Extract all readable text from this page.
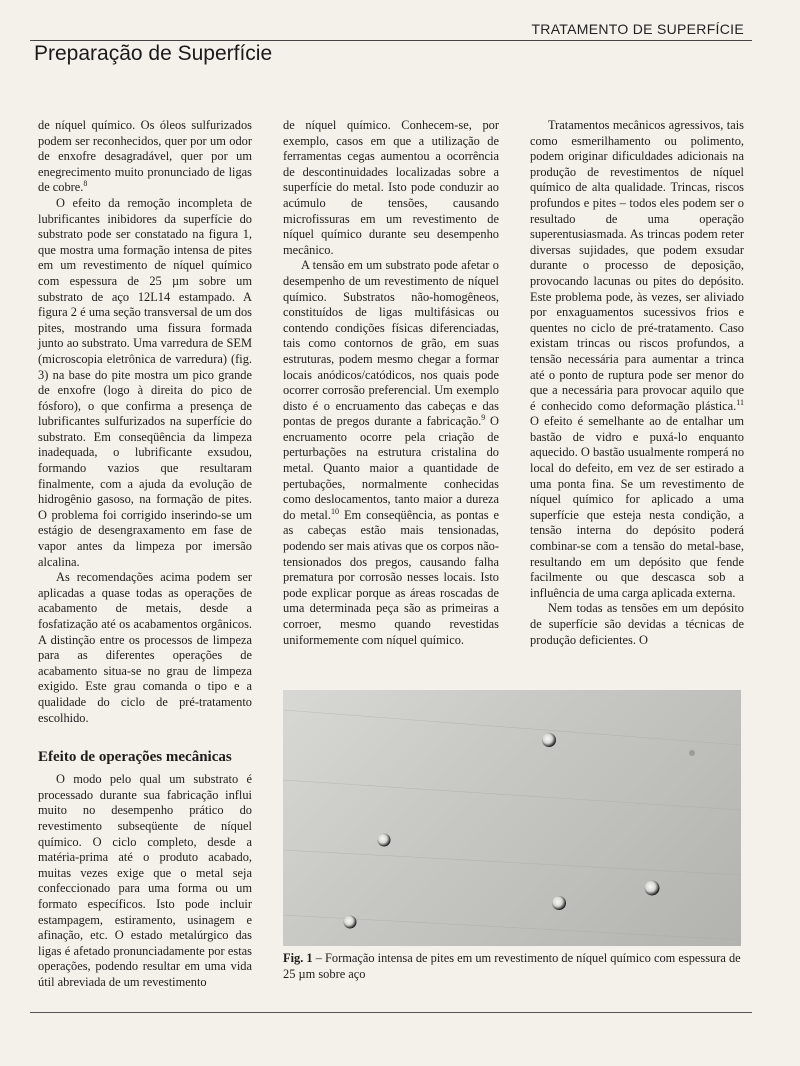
TRATAMENTO DE SUPERFÍCIE
Preparação de Superfície

de níquel químico. Os óleos sulfurizados podem ser reconhecidos, quer por um odor de enxofre desagradável, quer por um enegrecimento muito pronunciado de ligas de cobre.$^8$

O efeito da remoção incompleta de lubrificantes inibidores da superfície do substrato pode ser constatado na figura 1, que mostra uma formação intensa de pites em um revestimento de níquel químico com espessura de 25 µm sobre um substrato de aço 12L14 estampado. A figura 2 é uma seção transversal de um dos pites, mostrando uma fissura formada junto ao substrato. Uma varredura de SEM (microscopia eletrônica de varredura) (fig. 3) na base do pite mostra um pico grande de enxofre (logo à direita do pico de fósforo), o que confirma a presença de lubrificantes sulfurizados na superfície do substrato. Em conseqüência da limpeza inadequada, o lubrificante exsudou, formando vazios que resultaram finalmente, com a ajuda da evolução de hidrogênio gasoso, na formação de pites. O problema foi corrigido inserindo-se um estágio de desengraxamento em fase de vapor antes da limpeza por imersão alcalina.

As recomendações acima podem ser aplicadas a quase todas as operações de acabamento de metais, desde a fosfatização até os acabamentos orgânicos. A distinção entre os processos de limpeza para as diferentes operações de acabamento situa-se no grau de limpeza exigido. Este grau comanda o tipo e a qualidade do ciclo de pré-tratamento escolhido.

Efeito de operações mecânicas

O modo pelo qual um substrato é processado durante sua fabricação influi muito no desempenho prático do revestimento subseqüente de níquel químico. O ciclo completo, desde a matéria-prima até o produto acabado, muitas vezes exige que o metal seja confeccionado para uma forma ou um formato específicos. Isto pode incluir estampagem, estiramento, usinagem e afinação, etc. O estado metalúrgico das ligas é afetado pronunciadamente por estas operações, podendo resultar em uma vida útil abreviada de um revestimento

de níquel químico. Conhecem-se, por exemplo, casos em que a utilização de ferramentas cegas aumentou a ocorrência de descontinuidades localizadas sobre a superfície do metal. Isto pode conduzir ao acúmulo de tensões, causando microfissuras em um revestimento de níquel químico durante seu desempenho mecânico.

A tensão em um substrato pode afetar o desempenho de um revestimento de níquel químico. Substratos não-homogêneos, constituídos de ligas multifásicas ou contendo condições físicas diferenciadas, tais como contornos de grão, em suas estruturas, podem mesmo chegar a formar locais anódicos/catódicos, nos quais pode ocorrer corrosão preferencial. Um exemplo disto é o encruamento das cabeças e das pontas de pregos durante a fabricação.$^9$ O encruamento ocorre pela criação de perturbações na estrutura cristalina do metal. Quanto maior a quantidade de pertubações, normalmente conhecidas como deslocamentos, tanto maior a dureza do metal.$^{10}$ Em conseqüência, as pontas e as cabeças estão mais tensionadas, podendo ser mais ativas que os corpos não-tensionados dos pregos, causando falha prematura por corrosão nesses locais. Isto pode explicar porque as áreas roscadas de uma determinada peça são as primeiras a corroer, mesmo quando revestidas uniformemente com níquel químico.

Tratamentos mecânicos agressivos, tais como esmerilhamento ou polimento, podem originar dificuldades adicionais na produção de revestimentos de níquel químico de alta qualidade. Trincas, riscos profundos e pites – todos eles podem ser o resultado de uma operação superentusiasmada. As trincas podem reter diversas sujidades, que podem exsudar durante o processo de deposição, provocando lacunas ou pites do depósito. Este problema pode, às vezes, ser aliviado por enxaguamentos sucessivos frios e quentes no ciclo de pré-tratamento. Caso existam trincas ou riscos profundos, a tensão necessária para aumentar a trinca até o ponto de ruptura pode ser menor do que a necessária para provocar aquilo que é conhecido como deformação plástica.$^{11}$ O efeito é semelhante ao de entalhar um bastão de vidro e puxá-lo enquanto aquecido. O bastão usualmente romperá no local do defeito, em vez de ser estirado a uma ponta fina. Se um revestimento de níquel químico for aplicado a uma superfície que esteja nesta condição, a tensão interna do depósito poderá combinar-se com a tensão do metal-base, resultando em um depósito que fende facilmente ou que descasca sob a influência de uma carga aplicada externa.

Nem todas as tensões em um depósito de superfície são devidas a técnicas de produção deficientes. O

Fig. 1 – Formação intensa de pites em um revestimento de níquel químico com espessura de 25 µm sobre aço
